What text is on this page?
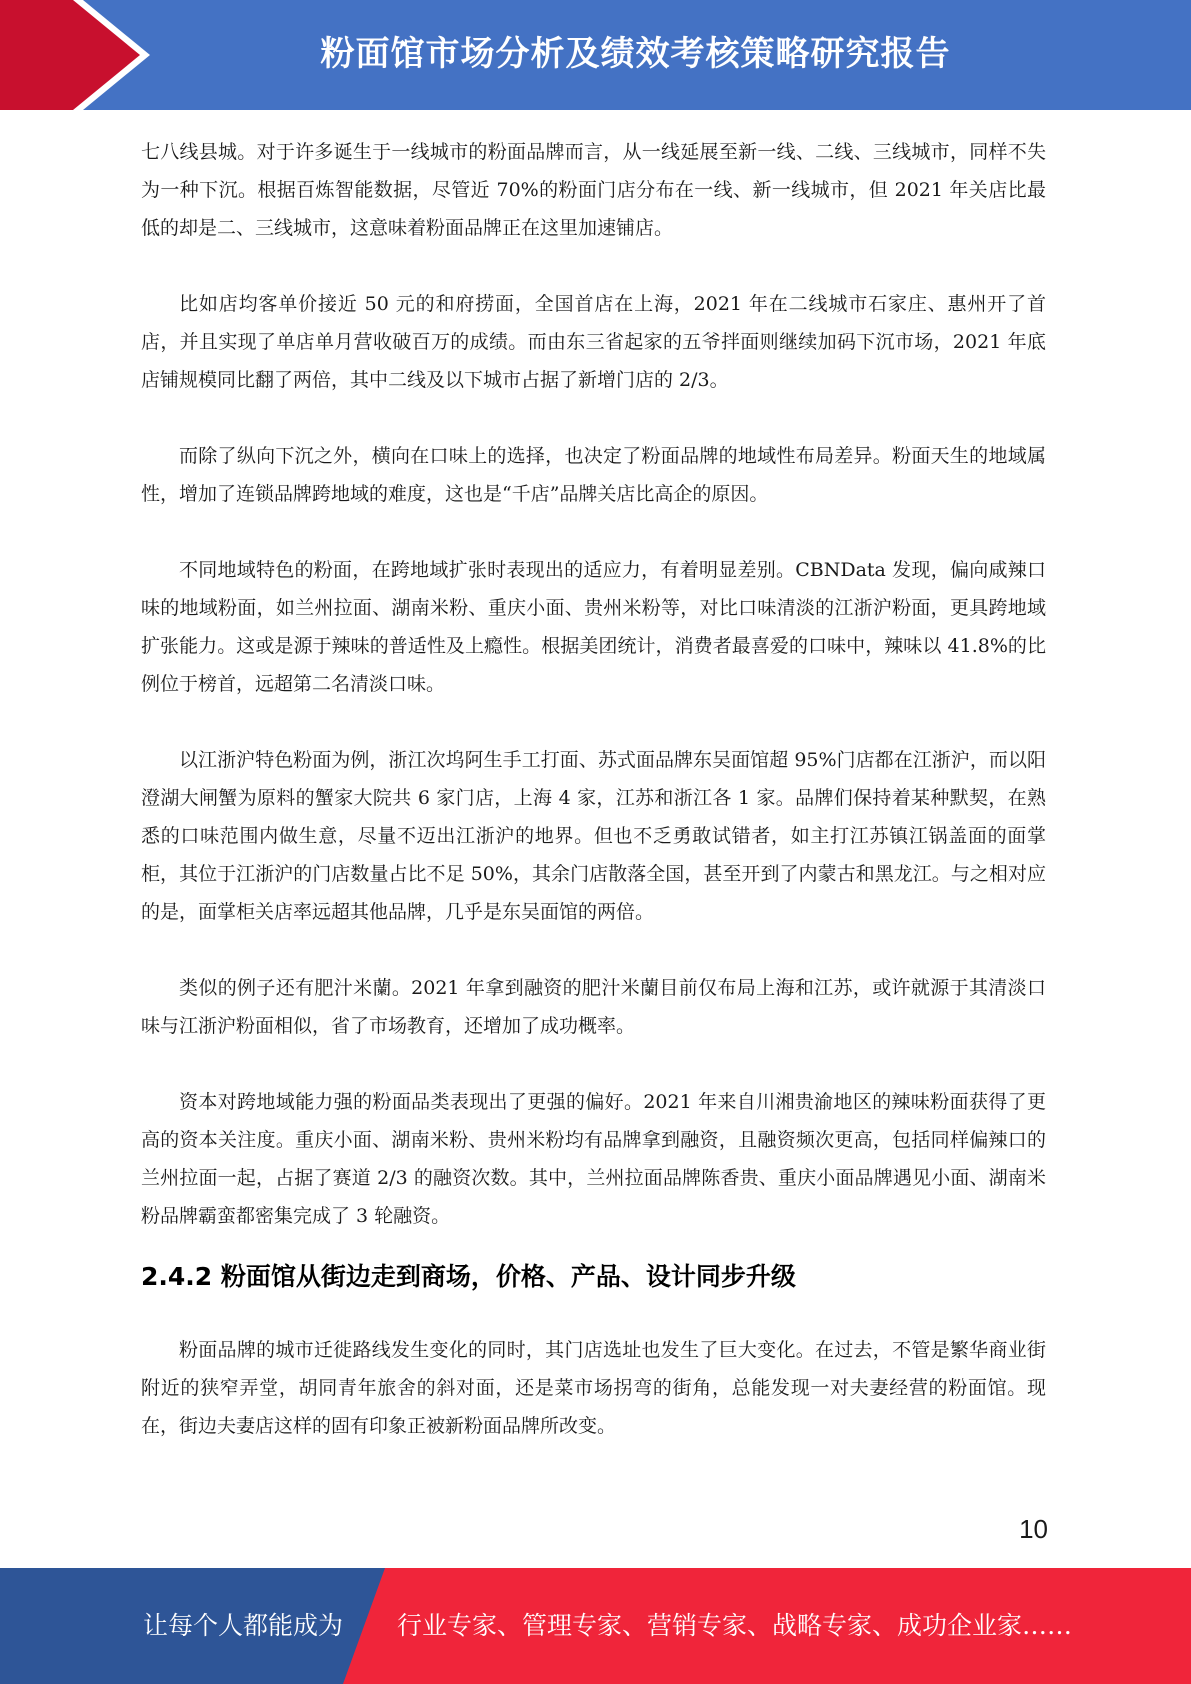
粉面馆市场分析及绩效考核策略研究报告

七八线县城。对于许多诞生于一线城市的粉面品牌而言，从一线延展至新一线、二线、三线城市，同样不失为一种下沉。根据百炼智能数据，尽管近 70%的粉面门店分布在一线、新一线城市，但 2021 年关店比最低的却是二、三线城市，这意味着粉面品牌正在这里加速铺店。

比如店均客单价接近 50 元的和府捞面，全国首店在上海，2021 年在二线城市石家庄、惠州开了首店，并且实现了单店单月营收破百万的成绩。而由东三省起家的五爷拌面则继续加码下沉市场，2021 年底店铺规模同比翻了两倍，其中二线及以下城市占据了新增门店的 2/3。

而除了纵向下沉之外，横向在口味上的选择，也决定了粉面品牌的地域性布局差异。粉面天生的地域属性，增加了连锁品牌跨地域的难度，这也是“千店”品牌关店比高企的原因。

不同地域特色的粉面，在跨地域扩张时表现出的适应力，有着明显差别。CBNData 发现，偏向咸辣口味的地域粉面，如兰州拉面、湖南米粉、重庆小面、贵州米粉等，对比口味清淡的江浙沪粉面，更具跨地域扩张能力。这或是源于辣味的普适性及上瘾性。根据美团统计，消费者最喜爱的口味中，辣味以 41.8%的比例位于榜首，远超第二名清淡口味。

以江浙沪特色粉面为例，浙江次坞阿生手工打面、苏式面品牌东吴面馆超 95%门店都在江浙沪，而以阳澄湖大闸蟹为原料的蟹家大院共 6 家门店，上海 4 家，江苏和浙江各 1 家。品牌们保持着某种默契，在熟悉的口味范围内做生意，尽量不迈出江浙沪的地界。但也不乏勇敢试错者，如主打江苏镇江锅盖面的面掌柜，其位于江浙沪的门店数量占比不足 50%，其余门店散落全国，甚至开到了内蒙古和黑龙江。与之相对应的是，面掌柜关店率远超其他品牌，几乎是东吴面馆的两倍。

类似的例子还有肥汁米蘭。2021 年拿到融资的肥汁米蘭目前仅布局上海和江苏，或许就源于其清淡口味与江浙沪粉面相似，省了市场教育，还增加了成功概率。

资本对跨地域能力强的粉面品类表现出了更强的偏好。2021 年来自川湘贵渝地区的辣味粉面获得了更高的资本关注度。重庆小面、湖南米粉、贵州米粉均有品牌拿到融资，且融资频次更高，包括同样偏辣口的兰州拉面一起，占据了赛道 2/3 的融资次数。其中，兰州拉面品牌陈香贵、重庆小面品牌遇见小面、湖南米粉品牌霸蛮都密集完成了 3 轮融资。

2.4.2 粉面馆从街边走到商场，价格、产品、设计同步升级

粉面品牌的城市迁徙路线发生变化的同时，其门店选址也发生了巨大变化。在过去，不管是繁华商业街附近的狭窄弄堂，胡同青年旅舍的斜对面，还是菜市场拐弯的街角，总能发现一对夫妻经营的粉面馆。现在，街边夫妻店这样的固有印象正被新粉面品牌所改变。

10
让每个人都能成为 行业专家、管理专家、营销专家、战略专家、成功企业家……
